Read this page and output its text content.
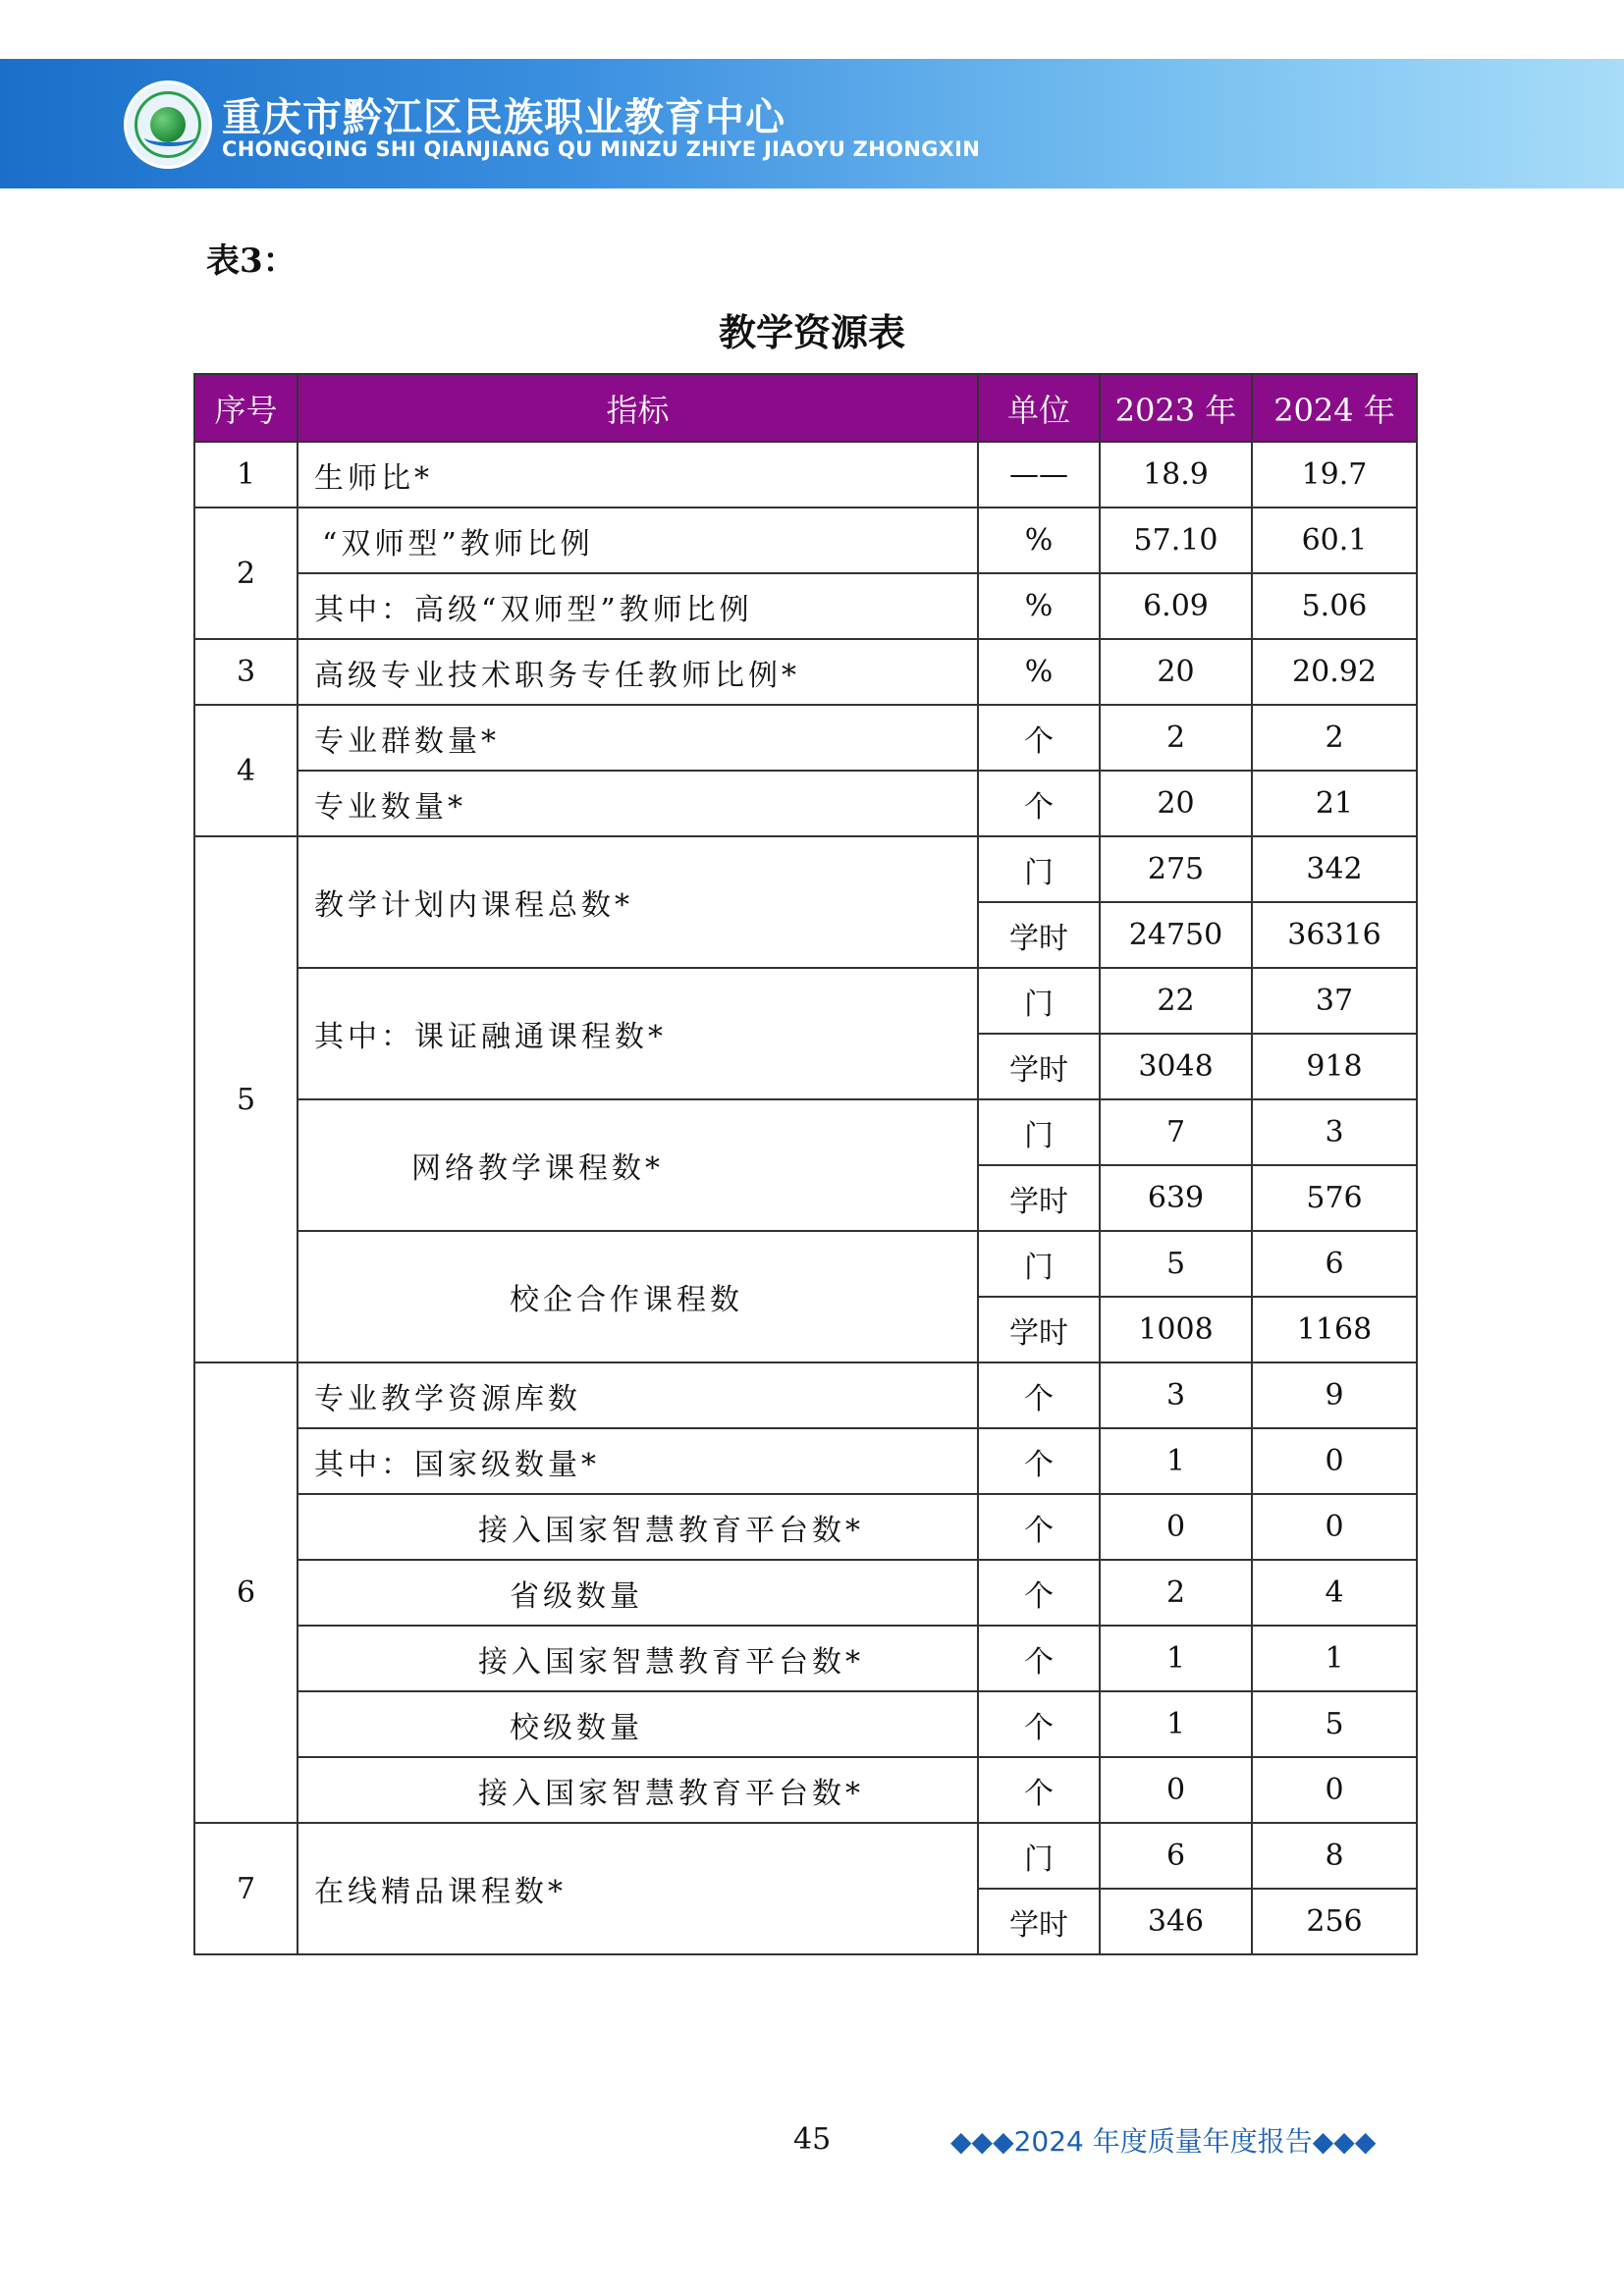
重庆市黔江区民族职业教育中心
CHONGQING SHI QIANJIANG QU MINZU ZHIYE JIAOYU ZHONGXIN
表3：
教学资源表
序号	指标	单位	2023 年	2024 年
1	生师比*	——	18.9	19.7
2	“双师型”教师比例	%	57.10	60.1
	其中：高级“双师型”教师比例	%	6.09	5.06
3	高级专业技术职务专任教师比例*	%	20	20.92
4	专业群数量*	个	2	2
	专业数量*	个	20	21
5	教学计划内课程总数*	门	275	342
		学时	24750	36316
	其中：课证融通课程数*	门	22	37
		学时	3048	918
	网络教学课程数*	门	7	3
		学时	639	576
	校企合作课程数	门	5	6
		学时	1008	1168
6	专业教学资源库数	个	3	9
	其中：国家级数量*	个	1	0
	接入国家智慧教育平台数*	个	0	0
	省级数量	个	2	4
	接入国家智慧教育平台数*	个	1	1
	校级数量	个	1	5
	接入国家智慧教育平台数*	个	0	0
7	在线精品课程数*	门	6	8
		学时	346	256
45	◆◆◆2024 年度质量年度报告◆◆◆
